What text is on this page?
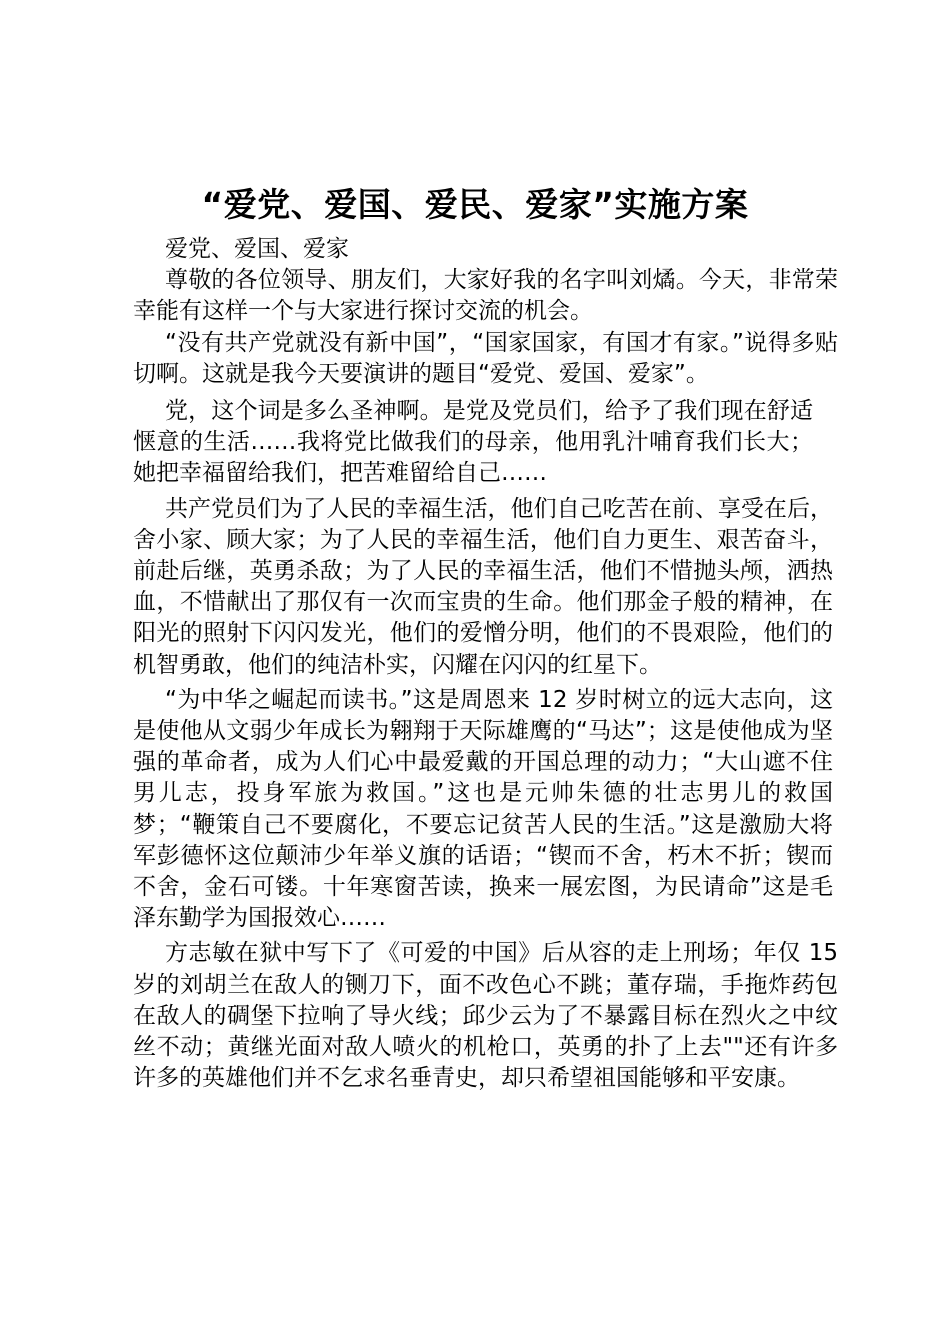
“爱党、爱国、爱民、爱家”实施方案

爱党、爱国、爱家

尊敬的各位领导、朋友们，大家好我的名字叫刘燏。今天，非常荣幸能有这样一个与大家进行探讨交流的机会。

“没有共产党就没有新中国”，“国家国家，有国才有家。”说得多贴切啊。这就是我今天要演讲的题目“爱党、爱国、爱家”。

党，这个词是多么圣神啊。是党及党员们，给予了我们现在舒适惬意的生活……我将党比做我们的母亲，他用乳汁哺育我们长大；她把幸福留给我们，把苦难留给自己……

共产党员们为了人民的幸福生活，他们自己吃苦在前、享受在后，舍小家、顾大家；为了人民的幸福生活，他们自力更生、艰苦奋斗，前赴后继，英勇杀敌；为了人民的幸福生活，他们不惜抛头颅，洒热血，不惜献出了那仅有一次而宝贵的生命。他们那金子般的精神，在阳光的照射下闪闪发光，他们的爱憎分明，他们的不畏艰险，他们的机智勇敢，他们的纯洁朴实，闪耀在闪闪的红星下。

“为中华之崛起而读书。”这是周恩来 12 岁时树立的远大志向，这是使他从文弱少年成长为翱翔于天际雄鹰的“马达”；这是使他成为坚强的革命者，成为人们心中最爱戴的开国总理的动力；“大山遮不住男儿志，投身军旅为救国。”这也是元帅朱德的壮志男儿的救国梦；“鞭策自己不要腐化，不要忘记贫苦人民的生活。”这是激励大将军彭德怀这位颠沛少年举义旗的话语；“锲而不舍，朽木不折；锲而不舍，金石可镂。十年寒窗苦读，换来一展宏图，为民请命”这是毛泽东勤学为国报效心……

方志敏在狱中写下了《可爱的中国》后从容的走上刑场；年仅 15 岁的刘胡兰在敌人的铡刀下，面不改色心不跳；董存瑞，手拖炸药包在敌人的碉堡下拉响了导火线；邱少云为了不暴露目标在烈火之中纹丝不动；黄继光面对敌人喷火的机枪口，英勇的扑了上去""还有许多许多的英雄他们并不乞求名垂青史，却只希望祖国能够和平安康。
